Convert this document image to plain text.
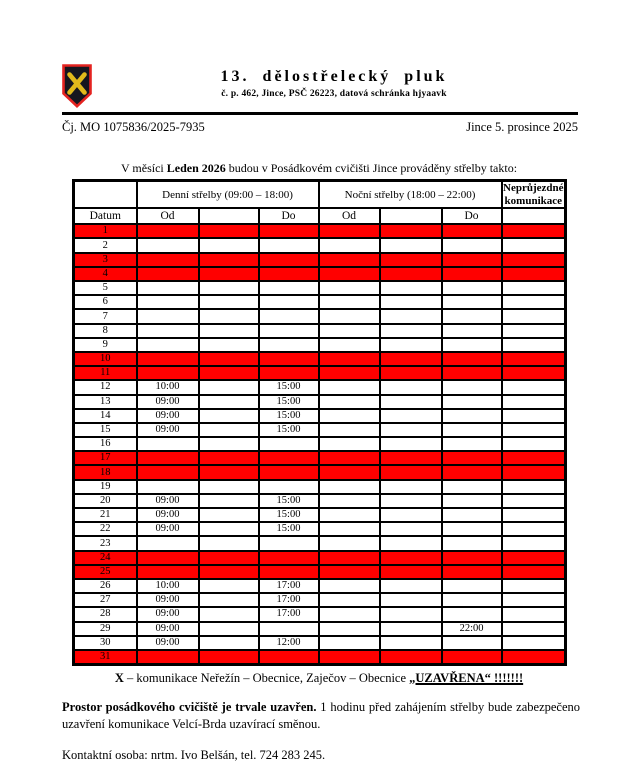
13. dělostřelecký pluk
č. p. 462, Jince, PSČ 26223, datová schránka hjyaavk
Čj. MO 1075836/2025-7935	Jince 5. prosince 2025
V měsíci Leden 2026 budou v Posádkovém cvičišti Jince prováděny střelby takto:
	Denní střelby (09:00 – 18:00)			Noční střelby (18:00 – 22:00)			Neprůjezdné komunikace
Datum	Od		Do	Od		Do	
1							
2							
3							
4							
5							
6							
7							
8							
9							
10							
11							
12	10:00		15:00				
13	09:00		15:00				
14	09:00		15:00				
15	09:00		15:00				
16							
17							
18							
19							
20	09:00		15:00				
21	09:00		15:00				
22	09:00		15:00				
23							
24							
25							
26	10:00		17:00				
27	09:00		17:00				
28	09:00		17:00				
29	09:00					22:00	
30	09:00		12:00				
31							
X – komunikace Neřežín – Obecnice, Zaječov – Obecnice „UZAVŘENA“ !!!!!!!
Prostor posádkového cvičiště je trvale uzavřen. 1 hodinu před zahájením střelby bude zabezpečeno uzavření komunikace Velcí-Brda uzavírací směnou.
Kontaktní osoba: nrtm. Ivo Belšán, tel. 724 283 245.
